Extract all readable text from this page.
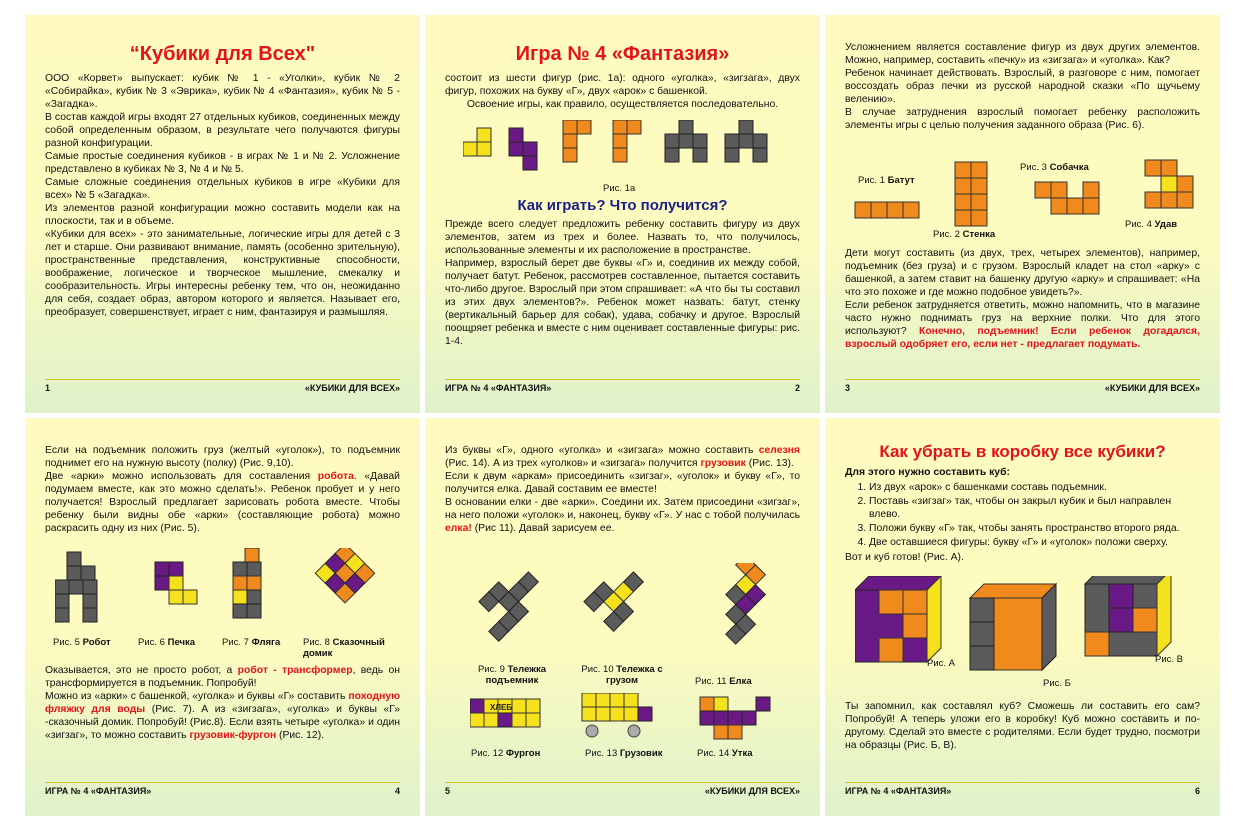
“Кубики для Всех"

ООО «Корвет» выпускает: кубик № 1 - «Уголки», кубик № 2 «Собирайка», кубик № 3 «Эврика», кубик № 4 «Фантазия», кубик № 5 - «Загадка».

В состав каждой игры входят 27 отдельных кубиков, соединенных между собой определенным образом, в результате чего получаются фигуры разной конфигурации.

Самые простые соединения кубиков - в играх № 1 и № 2. Усложнение представлено в кубиках № 3, № 4 и № 5.

Самые сложные соединения отдельных кубиков в игре «Кубики для всех» № 5 «Загадка».

Из элементов разной конфигурации можно составить модели как на плоскости, так и в объеме.

«Кубики для всех» - это занимательные, логические игры для детей с 3 лет и старше. Они развивают внимание, память (особенно зрительную), пространственные представления, конструктивные способности, воображение, логическое и творческое мышление, смекалку и сообразительность. Игры интересны ребенку тем, что он, неожиданно для себя, создает образ, автором которого и является. Называет его, преобразует, совершенствует, играет с ним, фантазируя и размышляя.

1	«КУБИКИ ДЛЯ ВСЕХ»
Игра № 4 «Фантазия»

состоит из шести фигур (рис. 1а): одного «уголка», «зигзага», двух фигур, похожих на букву «Г», двух «арок» с башенкой.

Освоение игры, как правило, осуществляется последовательно.

Рис. 1а
Как играть? Что получится?

Прежде всего следует предложить ребенку составить фигуру из двух элементов, затем из трех и более. Назвать то, что получилось, использованные элементы и их расположение в пространстве.

Например, взрослый берет две буквы «Г» и, соединив их между собой, получает батут. Ребенок, рассмотрев составленное, пытается составить что-либо другое. Взрослый при этом спрашивает: «А что бы ты составил из этих двух элементов?». Ребенок может назвать: батут, стенку (вертикальный барьер для собак), удава, собачку и другое. Взрослый поощряет ребенка и вместе с ним оценивает составленные фигуры: рис. 1-4.

ИГРА № 4 «ФАНТАЗИЯ»	2

Усложнением является составление фигур из двух других элементов. Можно, например, составить «печку» из «зигзага» и «уголка». Как?

Ребенок начинает действовать. Взрослый, в разговоре с ним, помогает воссоздать образ печки из русской народной сказки «По щучьему велению».

В случае затруднения взрослый помогает ребенку расположить элементы игры с целью получения заданного образа (Рис. 6).

Рис. 1 Батут
Рис. 2 Стенка
Рис. 3 Собачка
Рис. 4 Удав

Дети могут составить (из двух, трех, четырех элементов), например, подъемник (без груза) и с грузом. Взрослый кладет на стол «арку» с башенкой, а затем ставит на башенку другую «арку» и спрашивает: «На что это похоже и где можно подобное увидеть?».

Если ребенок затрудняется ответить, можно напомнить, что в магазине часто нужно поднимать груз на верхние полки. Что для этого используют? Конечно, подъемник! Если ребенок догадался, взрослый одобряет его, если нет - предлагает подумать.

3	«КУБИКИ ДЛЯ ВСЕХ»

Если на подъемник положить груз (желтый «уголок»), то подъемник поднимет его на нужную высоту (полку) (Рис. 9,10).

Две «арки» можно использовать для составления робота. «Давай подумаем вместе, как это можно сделать!». Ребенок пробует и у него получается! Взрослый предлагает зарисовать робота вместе. Чтобы ребенку были видны обе «арки» (составляющие робота) можно раскрасить одну из них (Рис. 5).

Рис. 5 Робот	Рис. 6 Печка	Рис. 7 Фляга Рис. 8 Сказочный домик

Оказывается, это не просто робот, а робот - трансформер, ведь он трансформируется в подъемник. Попробуй!

Можно из «арки» с башенкой, «уголка» и буквы «Г» составить походную фляжку для воды (Рис. 7). А из «зигзага», «уголка» и буквы «Г» -сказочный домик. Попробуй! (Рис.8). Если взять четыре «уголка» и один «зигзаг», то можно составить грузовик-фургон (Рис. 12).

ИГРА № 4 «ФАНТАЗИЯ»	4

Из буквы «Г», одного «уголка» и «зигзага» можно составить селезня (Рис. 14). А из трех «уголков» и «зигзага» получится грузовик (Рис. 13).

Если к двум «аркам» присоединить «зигзаг», «уголок» и букву «Г», то получится елка. Давай составим ее вместе!

В основании елки - две «арки». Соедини их. Затем присоедини «зигзаг», на него положи «уголок» и, наконец, букву «Г». У нас с тобой получилась елка! (Рис 11). Давай зарисуем ее.

Рис. 9 Тележка подъемник
Рис. 10 Тележка с грузом	Рис. 11 Елка
ХЛЕБ
Рис. 12 Фургон	Рис. 13 Грузовик	Рис. 14 Утка
5	«КУБИКИ ДЛЯ ВСЕХ»
Как убрать в коробку все кубики?

Для этого нужно составить куб:

1. Из двух «арок» с башенками составь подъемник.
2. Поставь «зигзаг» так, чтобы он закрыл кубик и был направлен влево.
3. Положи букву «Г» так, чтобы занять пространство второго ряда.
4. Две оставшиеся фигуры: букву «Г» и «уголок» положи сверху.

Вот и куб готов! (Рис. А).

Рис. А
Рис. Б
Рис. В

Ты запомнил, как составлял куб? Сможешь ли составить его сам? Попробуй! А теперь уложи его в коробку! Куб можно составить и по-другому. Сделай это вместе с родителями. Если будет трудно, посмотри на образцы (Рис. Б, В).

ИГРА № 4 «ФАНТАЗИЯ»	6
